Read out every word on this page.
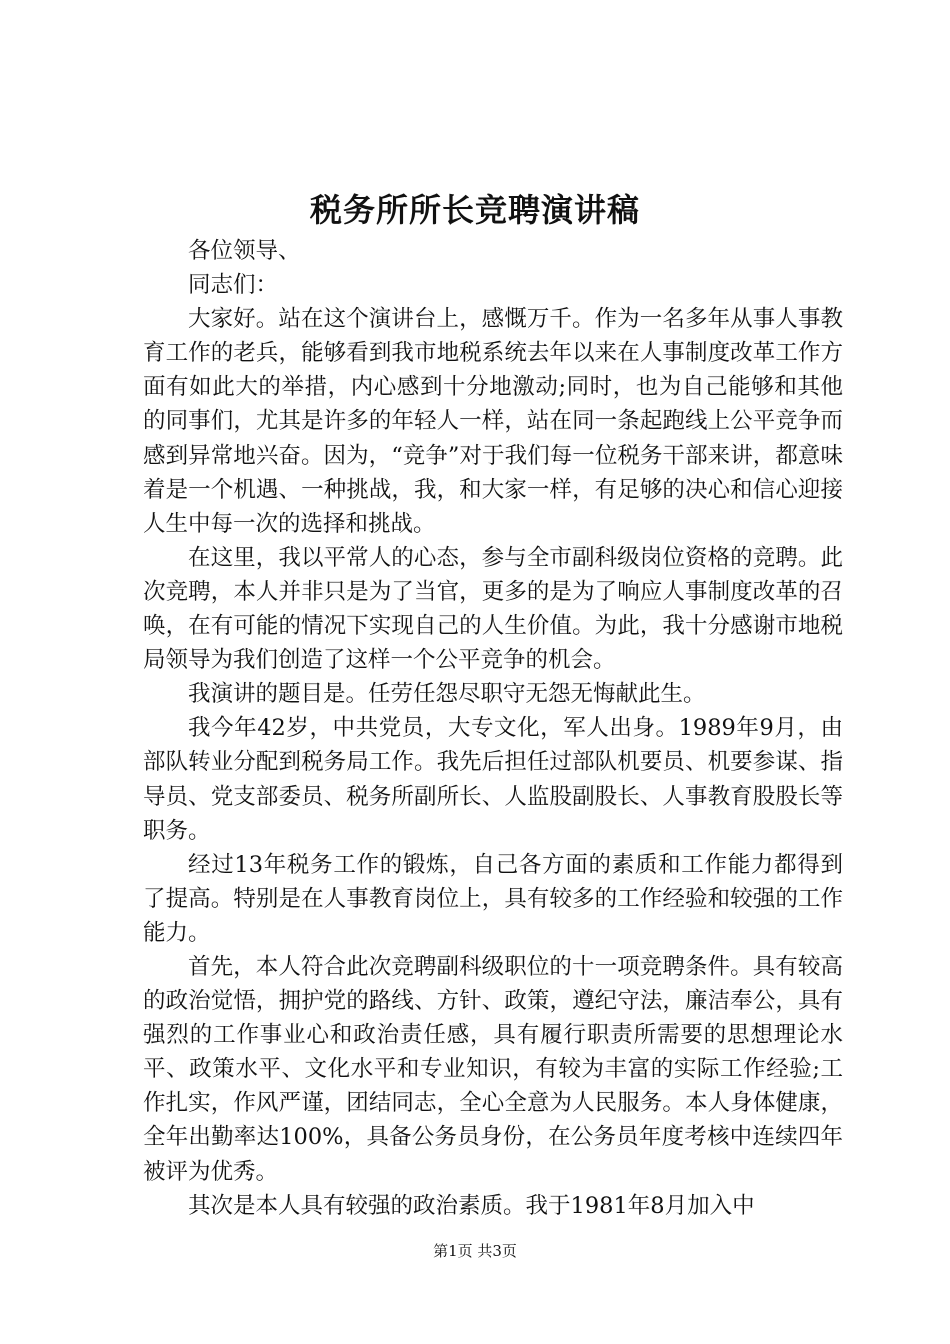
税务所所长竞聘演讲稿

各位领导、

同志们：

大家好。站在这个演讲台上，感慨万千。作为一名多年从事人事教育工作的老兵，能够看到我市地税系统去年以来在人事制度改革工作方面有如此大的举措，内心感到十分地激动;同时，也为自己能够和其他的同事们，尤其是许多的年轻人一样，站在同一条起跑线上公平竞争而感到异常地兴奋。因为，“竞争”对于我们每一位税务干部来讲，都意味着是一个机遇、一种挑战，我，和大家一样，有足够的决心和信心迎接人生中每一次的选择和挑战。

在这里，我以平常人的心态，参与全市副科级岗位资格的竞聘。此次竞聘，本人并非只是为了当官，更多的是为了响应人事制度改革的召唤，在有可能的情况下实现自己的人生价值。为此，我十分感谢市地税局领导为我们创造了这样一个公平竞争的机会。

我演讲的题目是。任劳任怨尽职守无怨无悔献此生。

我今年42岁，中共党员，大专文化，军人出身。1989年9月，由部队转业分配到税务局工作。我先后担任过部队机要员、机要参谋、指导员、党支部委员、税务所副所长、人监股副股长、人事教育股股长等职务。

经过13年税务工作的锻炼，自己各方面的素质和工作能力都得到了提高。特别是在人事教育岗位上，具有较多的工作经验和较强的工作能力。

首先，本人符合此次竞聘副科级职位的十一项竞聘条件。具有较高的政治觉悟，拥护党的路线、方针、政策，遵纪守法，廉洁奉公，具有强烈的工作事业心和政治责任感，具有履行职责所需要的思想理论水平、政策水平、文化水平和专业知识，有较为丰富的实际工作经验;工作扎实，作风严谨，团结同志，全心全意为人民服务。本人身体健康，全年出勤率达100%，具备公务员身份，在公务员年度考核中连续四年被评为优秀。

其次是本人具有较强的政治素质。我于1981年8月加入中

第1页 共3页
